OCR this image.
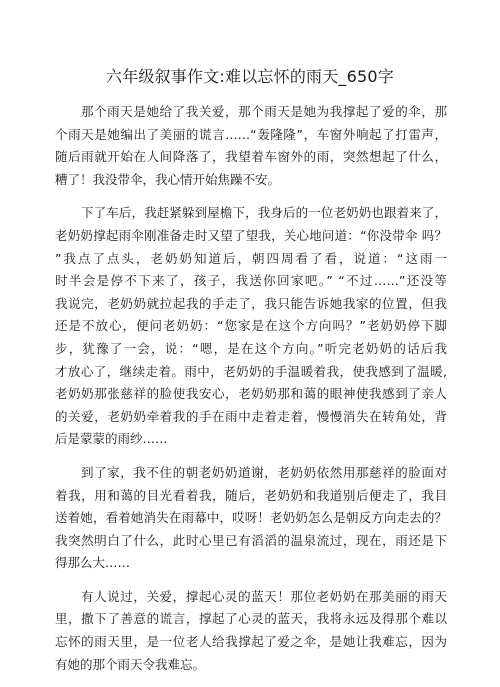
六年级叙事作文:难以忘怀的雨天_650字
那个雨天是她给了我关爱，那个雨天是她为我撑起了爱的伞，那
个雨天是她编出了美丽的谎言……“轰隆隆”，车窗外响起了打雷声，
随后雨就开始在人间降落了，我望着车窗外的雨，突然想起了什么，
糟了！我没带伞，我心情开始焦躁不安。
下了车后，我赶紧躲到屋檐下，我身后的一位老奶奶也跟着来了，
老奶奶撑起雨伞刚准备走时又望了望我，关心地问道：“你没带伞 吗？
”我点了点头，老奶奶知道后，朝四周看了看，说道：“这雨一
时半会是停不下来了，孩子，我送你回家吧。” “不过……”还没等
我说完，老奶奶就拉起我的手走了，我只能告诉她我家的位置，但我
还是不放心，便问老奶奶：“您家是在这个方向吗？”老奶奶停下脚
步，犹豫了一会，说：“嗯，是在这个方向。”听完老奶奶的话后我
才放心了，继续走着。雨中，老奶奶的手温暖着我，使我感到了温暖,
老奶奶那张慈祥的脸使我安心，老奶奶那和蔼的眼神使我感到了亲人
的关爱，老奶奶牵着我的手在雨中走着走着，慢慢消失在转角处，背
后是蒙蒙的雨纱……
到了家，我不住的朝老奶奶道谢，老奶奶依然用那慈祥的脸面对
着我，用和蔼的目光看着我，随后，老奶奶和我道别后便走了，我目
送着她，看着她消失在雨幕中，哎呀！老奶奶怎么是朝反方向走去的？
我突然明白了什么，此时心里已有滔滔的温泉流过，现在，雨还是下
得那么大……
有人说过，关爱，撑起心灵的蓝天！那位老奶奶在那美丽的雨天
里，撒下了善意的谎言，撑起了心灵的蓝天，我将永远及得那个难以
忘怀的雨天里，是一位老人给我撑起了爱之伞，是她让我难忘，因为
有她的那个雨天令我难忘。
